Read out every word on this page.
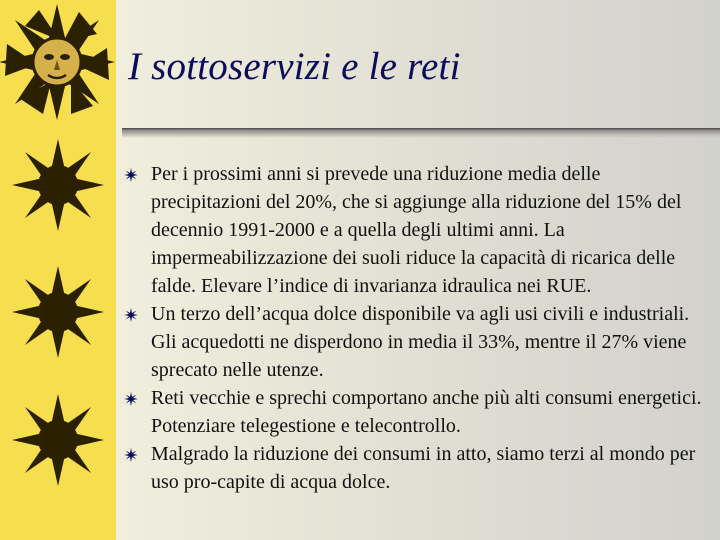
I sottoservizi e le reti
Per i prossimi anni si prevede una riduzione media delle precipitazioni del 20%, che si aggiunge alla riduzione del 15% del decennio 1991-2000 e a quella degli ultimi anni. La impermeabilizzazione dei suoli riduce la capacità di ricarica delle falde. Elevare l’indice di invarianza idraulica nei RUE.
Un terzo dell’acqua dolce disponibile va agli usi civili e industriali. Gli acquedotti ne disperdono in media il 33%, mentre il 27% viene sprecato nelle utenze.
Reti vecchie e sprechi comportano anche più alti consumi energetici. Potenziare telegestione e telecontrollo.
Malgrado la riduzione dei consumi in atto, siamo terzi al mondo per uso pro-capite di acqua dolce.
